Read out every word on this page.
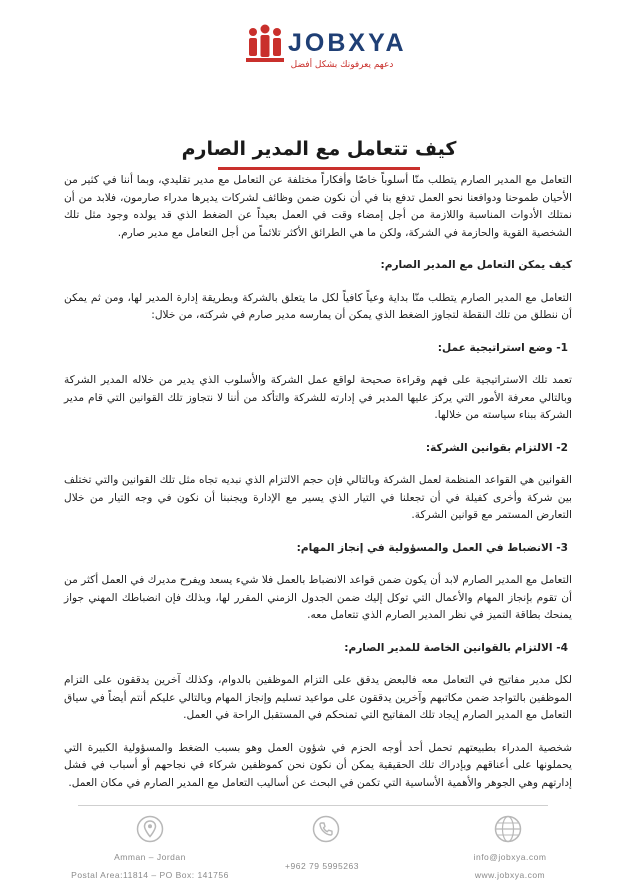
JOBXYA
دعهم يعرفونك بشكل أفضل
كيف تتعامل مع المدير الصارم

التعامل مع المدير الصارم يتطلب منّا أسلوباً خاصّا وأفكاراً مختلفة عن التعامل مع مدير تقليدي، وبما أننا في كثير من الأحيان طموحنا ودوافعنا نحو العمل تدفع بنا في أن نكون ضمن وظائف لشركات يديرها مدراء صارمون، فلابد من أن نمتلك الأدوات المناسبة واللازمة من أجل إمضاء وقت في العمل بعيداً عن الضغط الذي قد يولده وجود مثل تلك الشخصية القوية والحازمة في الشركة، ولكن ما هي الطرائق الأكثر تلائماً من أجل التعامل مع مدير صارم.

كيف يمكن التعامل مع المدير الصارم:

التعامل مع المدير الصارم يتطلب منّا بداية وعياً كافياً لكل ما يتعلق بالشركة وبطريقة إدارة المدير لها، ومن ثم يمكن أن ننطلق من تلك النقطة لتجاوز الضغط الذي يمكن أن يمارسه مدير صارم في شركته، من خلال:

1- وضع استراتيجية عمل:

تعمد تلك الاستراتيجية على فهم وقراءة صحيحة لواقع عمل الشركة والأسلوب الذي يدير من خلاله المدير الشركة وبالتالي معرفة الأمور التي يركز عليها المدير في إدارته للشركة والتأكد من أننا لا نتجاوز تلك القوانين التي قام مدير الشركة ببناء سياسته من خلالها.

2- الالتزام بقوانين الشركة:

القوانين هي القواعد المنظمة لعمل الشركة وبالتالي فإن حجم الالتزام الذي نبديه تجاه مثل تلك القوانين والتي تختلف بين شركة وأخرى كفيلة في أن تجعلنا في التيار الذي يسير مع الإدارة ويجنبنا أن نكون في وجه التيار من خلال التعارض المستمر مع قوانين الشركة.

3- الانضباط في العمل والمسؤولية في إنجاز المهام:

التعامل مع المدير الصارم لابد أن يكون ضمن قواعد الانضباط بالعمل فلا شيء يسعد ويفرح مديرك في العمل أكثر من أن تقوم بإنجاز المهام والأعمال التي توكل إليك ضمن الجدول الزمني المقرر لها، وبذلك فإن انضباطك المهني جواز يمنحك بطاقة التميز في نظر المدير الصارم الذي تتعامل معه.

4- الالتزام بالقوانين الخاصة للمدير الصارم:

لكل مدير مفاتيح في التعامل معه فالبعض يدقق على التزام الموظفين بالدوام، وكذلك آخرين يدققون على التزام الموظفين بالتواجد ضمن مكاتبهم وآخرين يدققون على مواعيد تسليم وإنجاز المهام وبالتالي عليكم أنتم أيضاً في سياق التعامل مع المدير الصارم إيجاد تلك المفاتيح التي تمنحكم في المستقبل الراحة في العمل.

شخصية المدراء بطبيعتهم تحمل أحد أوجه الحزم في شؤون العمل وهو بسبب الضغط والمسؤولية الكبيرة التي يحملونها على أعناقهم وبإدراك تلك الحقيقية يمكن أن نكون نحن كموظفين شركاء في نجاحهم أو أسباب في فشل إدارتهم وهي الجوهر والأهمية الأساسية التي تكمن في البحث عن أساليب التعامل مع المدير الصارم في مكان العمل.

Amman – Jordan
Postal Area:11814 – PO Box: 141756
+962 79 5995263
info@jobxya.com
www.jobxya.com
